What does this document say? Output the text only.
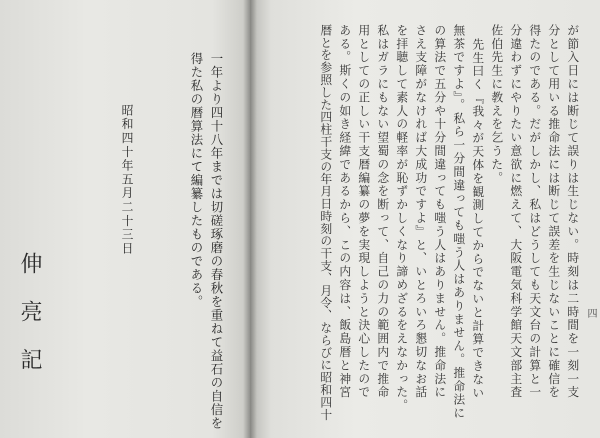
一年より四十八年までは切磋琢磨の春秋を重ねて益石の自信を
得た私の暦算法にて編纂したものである。
昭和四十年五月二十三日
伸亮記	が節入日には断じて誤りは生じない。時刻は二時間を一刻一支
分として用いる推命法には断じて誤差を生じないことに確信を
得たのである。だがしかし、私はどうしても天文台の計算と一
分違わずにやりたい意欲に燃えて、大阪電気科学館天文部主査
佐伯先生に教えを乞うた。
先生曰く『我々が天体を観測してからでないと計算できない
無茶ですよ』。私ら一分間違っても嗤う人はありません。推命法に
の算法で五分や十分間違っても嗤う人はありません。推命法に
さえ支障がなければ大成功ですよ』と、いとろいろ懇切なお話
を拝聴して素人の軽率が恥ずかしくなり諦めざるをえなかった。
私はガラにもない望蜀の念を断って、自己の力の範囲内で推命
用としての正しい干支暦編纂の夢を実現しようと決心したので
ある。斯くの如き経緯であるから、この内容は、飯島暦と神宮
暦とを参照した四柱干支の年月日時刻の干支、月令、ならびに昭和四十	四
